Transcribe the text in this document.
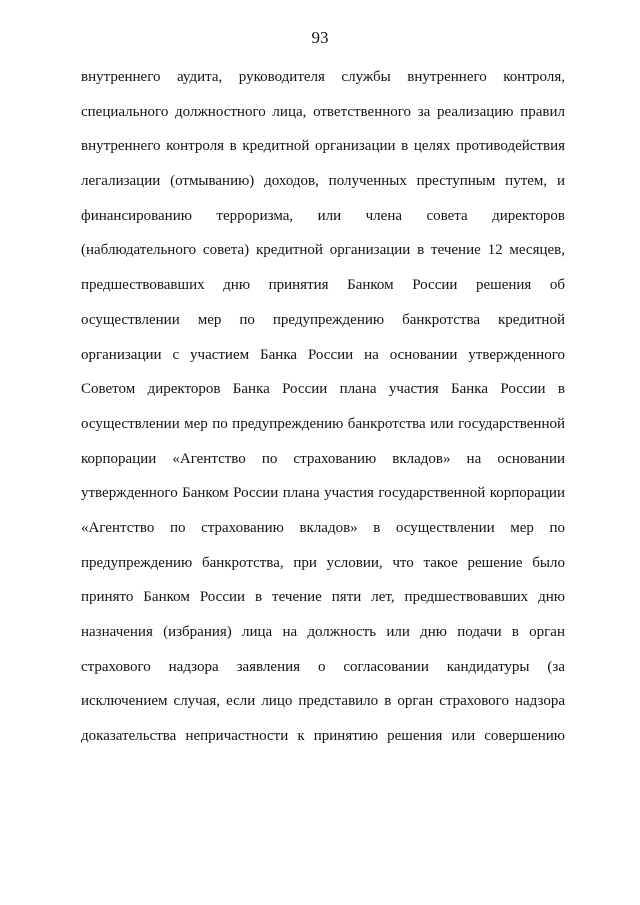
93
внутреннего аудита, руководителя службы внутреннего контроля,
специального должностного лица, ответственного за реализацию правил
внутреннего контроля в кредитной организации в целях противодействия
легализации (отмыванию) доходов, полученных преступным путем, и
финансированию терроризма, или члена совета директоров
(наблюдательного совета) кредитной организации в течение 12 месяцев,
предшествовавших дню принятия Банком России решения об
осуществлении мер по предупреждению банкротства кредитной
организации с участием Банка России на основании утвержденного
Советом директоров Банка России плана участия Банка России в
осуществлении мер по предупреждению банкротства или государственной
корпорации «Агентство по страхованию вкладов» на основании
утвержденного Банком России плана участия государственной корпорации
«Агентство по страхованию вкладов» в осуществлении мер по
предупреждению банкротства, при условии, что такое решение было
принято Банком России в течение пяти лет, предшествовавших дню
назначения (избрания) лица на должность или дню подачи в орган
страхового надзора заявления о согласовании кандидатуры (за
исключением случая, если лицо представило в орган страхового надзора
доказательства непричастности к принятию решения или совершению
